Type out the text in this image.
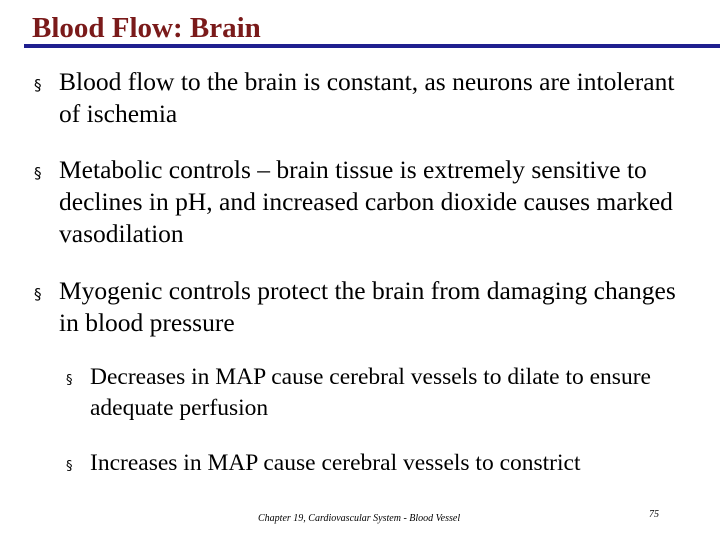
Blood Flow: Brain
§ Blood flow to the brain is constant, as neurons are intolerant of ischemia
§ Metabolic controls – brain tissue is extremely sensitive to declines in pH, and increased carbon dioxide causes marked vasodilation
§ Myogenic controls protect the brain from damaging changes in blood pressure
§ Decreases in MAP cause cerebral vessels to dilate to ensure adequate perfusion
§ Increases in MAP cause cerebral vessels to constrict
Chapter 19, Cardiovascular System - Blood Vessel	75
